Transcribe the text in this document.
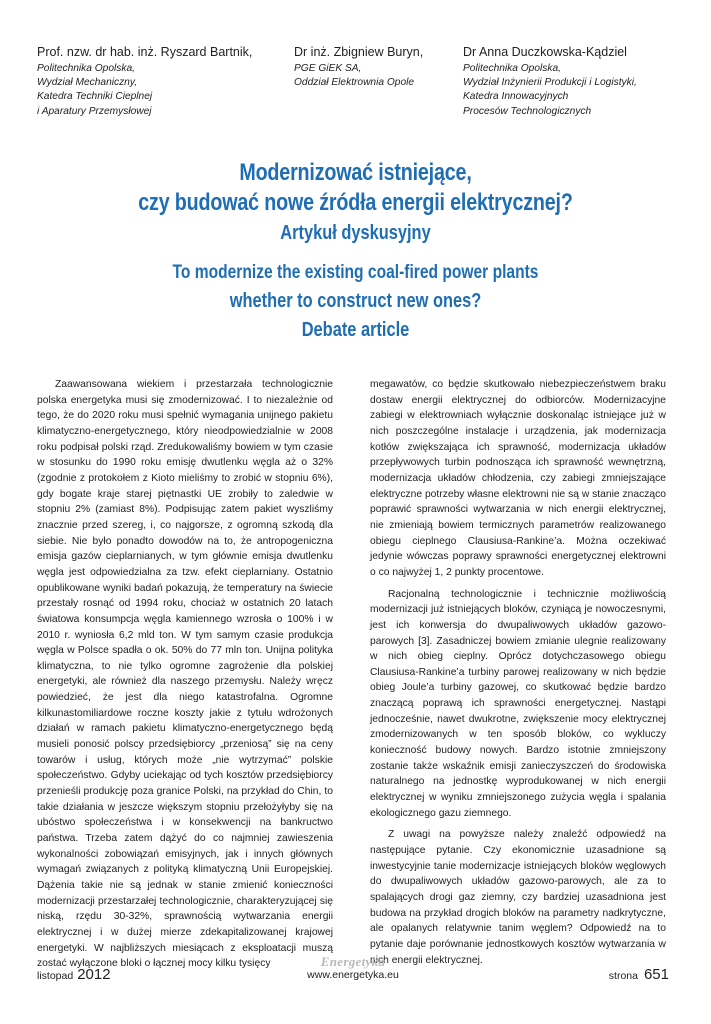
Prof. nzw. dr hab. inż. Ryszard Bartnik,
Politechnika Opolska,
Wydział Mechaniczny,
Katedra Techniki Cieplnej
i Aparatury Przemysłowej
Dr inż. Zbigniew Buryn,
PGE GiEK SA,
Oddział Elektrownia Opole
Dr Anna Duczkowska-Kądziel
Politechnika Opolska,
Wydział Inżynierii Produkcji i Logistyki,
Katedra Innowacyjnych
Procesów Technologicznych
Modernizować istniejące,
czy budować nowe źródła energii elektrycznej?
Artykuł dyskusyjny
To modernize the existing coal-fired power plants
whether to construct new ones?
Debate article

Zaawansowana wiekiem i przestarzała technologicznie polska energetyka musi się zmodernizować. I to niezależnie od tego, że do 2020 roku musi spełnić wymagania unijnego pakietu klimatyczno-energetycznego, który nieodpowiedzialnie w 2008 roku podpisał polski rząd. Zredukowaliśmy bowiem w tym czasie w stosunku do 1990 roku emisję dwutlenku węgla aż o 32% (zgodnie z protokołem z Kioto mieliśmy to zrobić w stopniu 6%), gdy bogate kraje starej piętnastki UE zrobiły to zaledwie w stopniu 2% (zamiast 8%). Podpisując zatem pakiet wyszliśmy znacznie przed szereg, i, co najgorsze, z ogromną szkodą dla siebie. Nie było ponadto dowodów na to, że antropogeniczna emisja gazów cieplarnianych, w tym głównie emisja dwutlenku węgla jest odpowiedzialna za tzw. efekt cieplarniany. Ostatnio opublikowane wyniki badań pokazują, że temperatury na świecie przestały rosnąć od 1994 roku, chociaż w ostatnich 20 latach światowa konsumpcja węgla kamiennego wzrosła o 100% i w 2010 r. wyniosła 6,2 mld ton. W tym samym czasie produkcja węgla w Polsce spadła o ok. 50% do 77 mln ton. Unijna polityka klimatyczna, to nie tylko ogromne zagrożenie dla polskiej energetyki, ale również dla naszego przemysłu. Należy wręcz powiedzieć, że jest dla niego katastrofalna. Ogromne kilkunastomiliardowe roczne koszty jakie z tytułu wdrożonych działań w ramach pakietu klimatyczno-energetycznego będą musieli ponosić polscy przedsiębiorcy „przeniosą” się na ceny towarów i usług, których może „nie wytrzymać” polskie społeczeństwo. Gdyby uciekając od tych kosztów przedsiębiorcy przenieśli produkcję poza granice Polski, na przykład do Chin, to takie działania w jeszcze większym stopniu przełożyłyby się na ubóstwo społeczeństwa i w konsekwencji na bankructwo państwa. Trzeba zatem dążyć do co najmniej zawieszenia wykonalności zobowiązań emisyjnych, jak i innych głównych wymagań związanych z polityką klimatyczną Unii Europejskiej. Dążenia takie nie są jednak w stanie zmienić konieczności modernizacji przestarzałej technologicznie, charakteryzującej się niską, rzędu 30-32%, sprawnością wytwarzania energii elektrycznej i w dużej mierze zdekapitalizowanej krajowej energetyki. W najbliższych miesiącach z eksploatacji muszą zostać wyłączone bloki o łącznej mocy kilku tysięcy

megawatów, co będzie skutkowało niebezpieczeństwem braku dostaw energii elektrycznej do odbiorców. Modernizacyjne zabiegi w elektrowniach wyłącznie doskonaląc istniejące już w nich poszczególne instalacje i urządzenia, jak modernizacja kotłów zwiększająca ich sprawność, modernizacja układów przepływowych turbin podnosząca ich sprawność wewnętrzną, modernizacja układów chłodzenia, czy zabiegi zmniejszające elektryczne potrzeby własne elektrowni nie są w stanie znacząco poprawić sprawności wytwarzania w nich energii elektrycznej, nie zmieniają bowiem termicznych parametrów realizowanego obiegu cieplnego Clausiusa-Rankine’a. Można oczekiwać jedynie wówczas poprawy sprawności energetycznej elektrowni o co najwyżej 1, 2 punkty procentowe.

Racjonalną technologicznie i technicznie możliwością modernizacji już istniejących bloków, czyniącą je nowoczesnymi, jest ich konwersja do dwupaliwowych układów gazowo-parowych [3]. Zasadniczej bowiem zmianie ulegnie realizowany w nich obieg cieplny. Oprócz dotychczasowego obiegu Clausiusa-Rankine’a turbiny parowej realizowany w nich będzie obieg Joule’a turbiny gazowej, co skutkować będzie bardzo znaczącą poprawą ich sprawności energetycznej. Nastąpi jednocześnie, nawet dwukrotne, zwiększenie mocy elektrycznej zmodernizowanych w ten sposób bloków, co wykluczy konieczność budowy nowych. Bardzo istotnie zmniejszony zostanie także wskaźnik emisji zanieczyszczeń do środowiska naturalnego na jednostkę wyprodukowanej w nich energii elektrycznej w wyniku zmniejszonego zużycia węgla i spalania ekologicznego gazu ziemnego.

Z uwagi na powyższe należy znaleźć odpowiedź na następujące pytanie. Czy ekonomicznie uzasadnione są inwestycyjnie tanie modernizacje istniejących bloków węglowych do dwupaliwowych układów gazowo-parowych, ale za to spalających drogi gaz ziemny, czy bardziej uzasadniona jest budowa na przykład drogich bloków na parametry nadkrytyczne, ale opalanych relatywnie tanim węglem? Odpowiedź na to pytanie daje porównanie jednostkowych kosztów wytwarzania w nich energii elektrycznej.

Energetyka
listopad 2012	www.energetyka.eu	strona 651
